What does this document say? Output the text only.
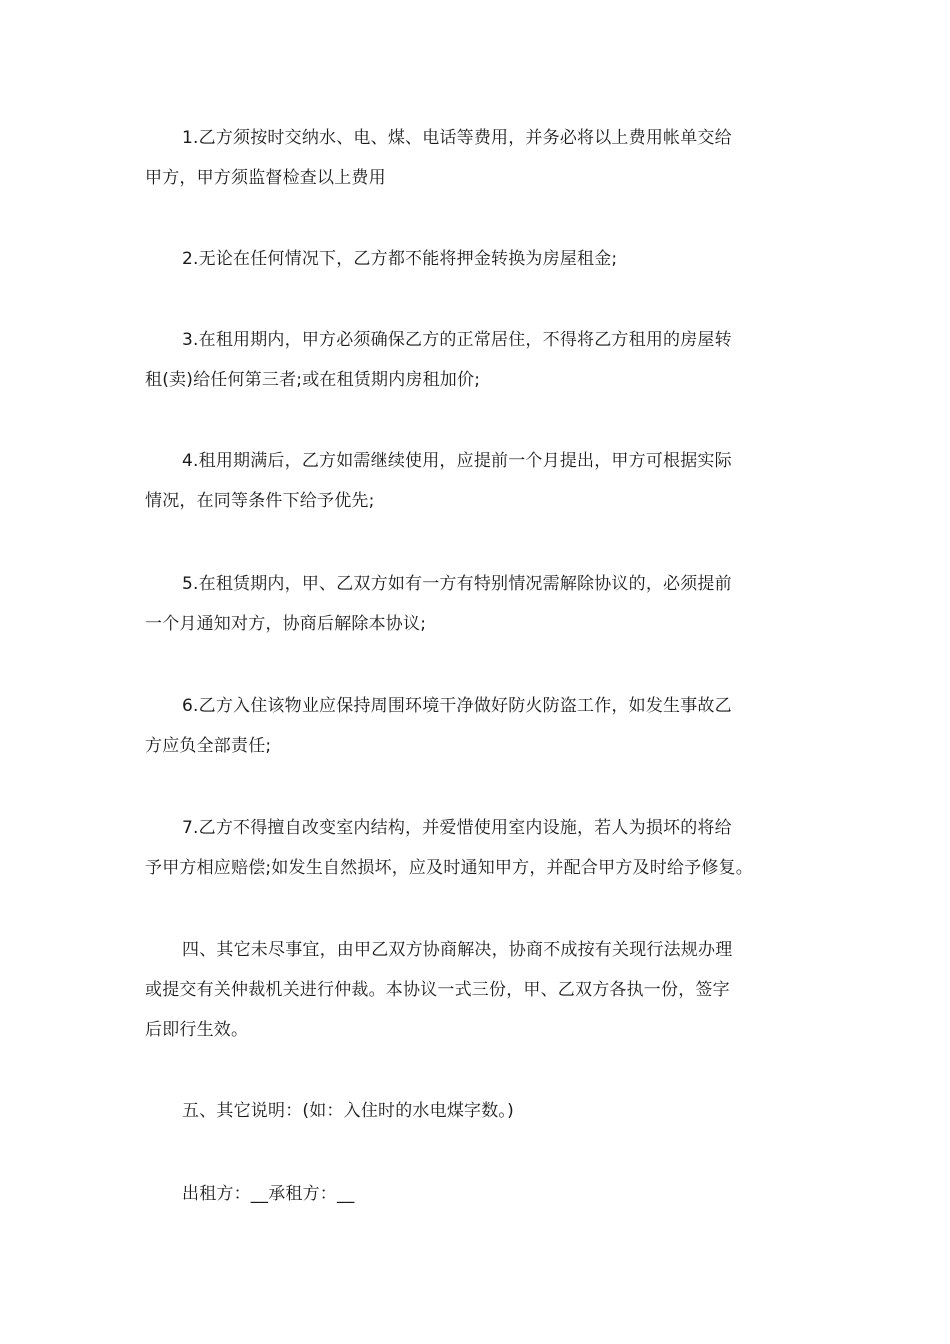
1.乙方须按时交纳水、电、煤、电话等费用，并务必将以上费用帐单交给
甲方，甲方须监督检查以上费用

2.无论在任何情况下，乙方都不能将押金转换为房屋租金;

3.在租用期内，甲方必须确保乙方的正常居住，不得将乙方租用的房屋转
租(卖)给任何第三者;或在租赁期内房租加价;

4.租用期满后，乙方如需继续使用，应提前一个月提出，甲方可根据实际
情况，在同等条件下给予优先;

5.在租赁期内，甲、乙双方如有一方有特别情况需解除协议的，必须提前
一个月通知对方，协商后解除本协议;

6.乙方入住该物业应保持周围环境干净做好防火防盗工作，如发生事故乙
方应负全部责任;

7.乙方不得擅自改变室内结构，并爱惜使用室内设施，若人为损坏的将给
予甲方相应赔偿;如发生自然损坏，应及时通知甲方，并配合甲方及时给予修复。

四、其它未尽事宜，由甲乙双方协商解决，协商不成按有关现行法规办理
或提交有关仲裁机关进行仲裁。本协议一式三份，甲、乙双方各执一份，签字
后即行生效。

五、其它说明：(如：入住时的水电煤字数。)

出租方：__承租方：__
